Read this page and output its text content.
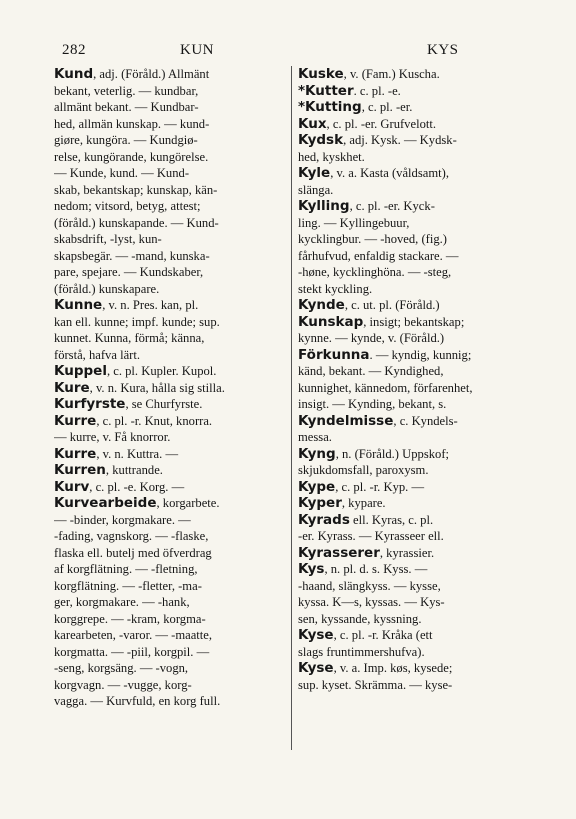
282	KUN	KYS
Kund, adj. (Föråld.) Allmänt
bekant, veterlig. — kundbar,
allmänt bekant. — Kundbar-
hed, allmän kunskap. — kund-
giøre, kungöra. — Kundgiø-
relse, kungörande, kungörelse.
— Kunde, kund. — Kund-
skab, bekantskap; kunskap, kän-
nedom; vitsord, betyg, attest;
(föråld.) kunskapande. — Kund-
skabsdrift, -lyst, kun-
skapsbegär. — -mand, kunska-
pare, spejare. — Kundskaber,
(föråld.) kunskapare.
Kunne, v. n. Pres. kan, pl.
kan ell. kunne; impf. kunde; sup.
kunnet. Kunna, förmå; känna,
förstå, hafva lärt.
Kuppel, c. pl. Kupler. Kupol.
Kure, v. n. Kura, hålla sig stilla.
Kurfyrste, se Churfyrste.
Kurre, c. pl. -r. Knut, knorra.
— kurre, v. Få knorror.
Kurre, v. n. Kuttra. —
Kurren, kuttrande.
Kurv, c. pl. -e. Korg. —
Kurvearbeide, korgarbete.
— -binder, korgmakare. —
-fading, vagnskorg. — -flaske,
flaska ell. butelj med öfverdrag
af korgflätning. — -fletning,
korgflätning. — -fletter, -ma-
ger, korgmakare. — -hank,
korggrepe. — -kram, korgma-
karearbeten, -varor. — -maatte,
korgmatta. — -piil, korgpil. —
-seng, korgsäng. — -vogn,
korgvagn. — -vugge, korg-
vagga. — Kurvfuld, en korg full.
Kuske, v. (Fam.) Kuscha.
*Kutter. c. pl. -e.
*Kutting, c. pl. -er.
Kux, c. pl. -er. Grufvelott.
Kydsk, adj. Kysk. — Kydsk-
hed, kyskhet.
Kyle, v. a. Kasta (våldsamt),
slänga.
Kylling, c. pl. -er. Kyck-
ling. — Kyllingebuur,
kycklingbur. — -hoved, (fig.)
fårhufvud, enfaldig stackare. —
-høne, kycklinghöna. — -steg,
stekt kyckling.
Kynde, c. ut. pl. (Föråld.)
Kunskap, insigt; bekantskap;
kynne. — kynde, v. (Föråld.)
Förkunna. — kyndig, kunnig;
känd, bekant. — Kyndighed,
kunnighet, kännedom, förfarenhet,
insigt. — Kynding, bekant, s.
Kyndelmisse, c. Kyndels-
messa.
Kyng, n. (Föråld.) Uppskof;
skjukdomsfall, paroxysm.
Kype, c. pl. -r. Kyp. —
Kyper, kypare.
Kyrads ell. Kyras, c. pl.
-er. Kyrass. — Kyrasseer ell.
Kyrasserer, kyrassier.
Kys, n. pl. d. s. Kyss. —
-haand, slängkyss. — kysse,
kyssa. K—s, kyssas. — Kys-
sen, kyssande, kyssning.
Kyse, c. pl. -r. Kråka (ett
slags fruntimmershufva).
Kyse, v. a. Imp. køs, kysede;
sup. kyset. Skrämma. — kyse-
